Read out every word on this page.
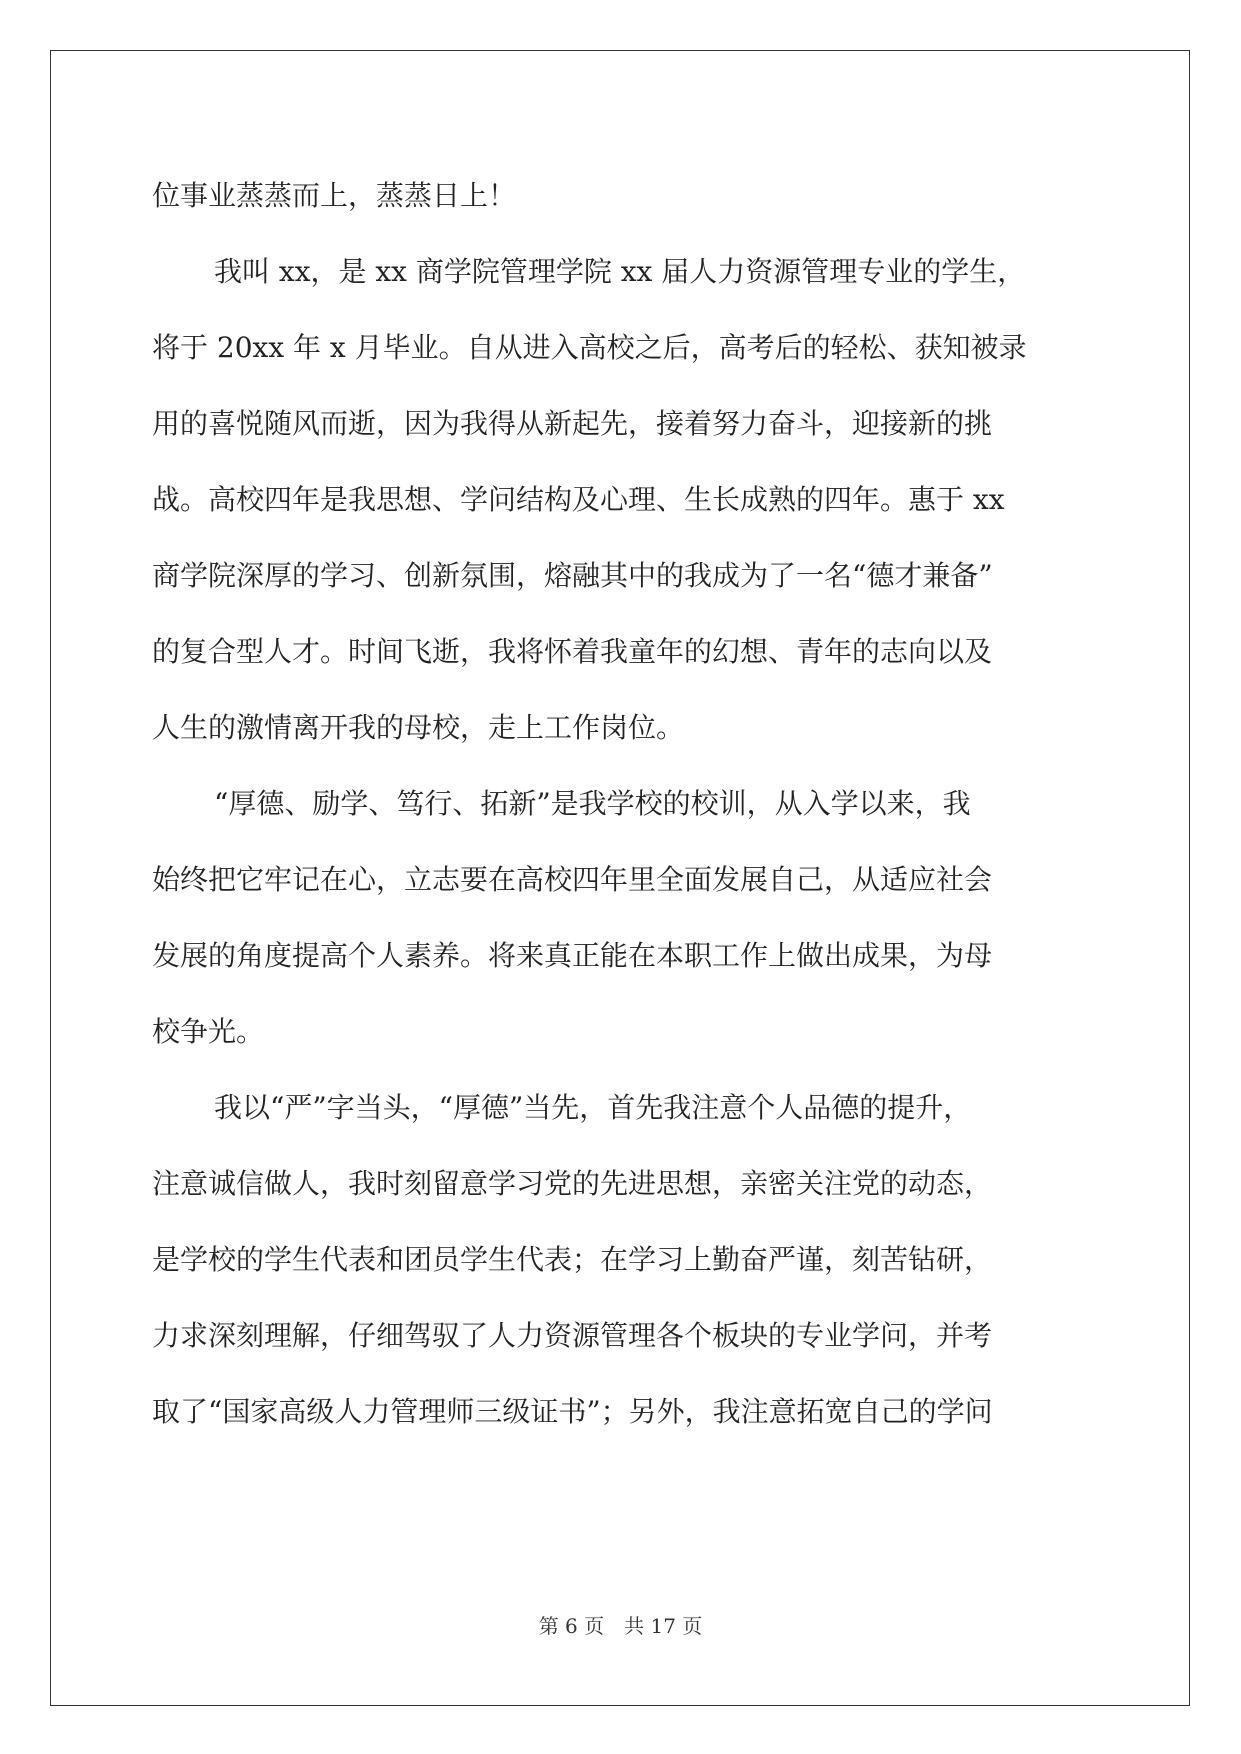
位事业蒸蒸而上，蒸蒸日上！

我叫 xx，是 xx 商学院管理学院 xx 届人力资源管理专业的学生，

将于 20xx 年 x 月毕业。自从进入高校之后，高考后的轻松、获知被录

用的喜悦随风而逝，因为我得从新起先，接着努力奋斗，迎接新的挑

战。高校四年是我思想、学问结构及心理、生长成熟的四年。惠于 xx

商学院深厚的学习、创新氛围，熔融其中的我成为了一名“德才兼备”

的复合型人才。时间飞逝，我将怀着我童年的幻想、青年的志向以及

人生的激情离开我的母校，走上工作岗位。

“厚德、励学、笃行、拓新”是我学校的校训，从入学以来，我

始终把它牢记在心，立志要在高校四年里全面发展自己，从适应社会

发展的角度提高个人素养。将来真正能在本职工作上做出成果，为母

校争光。

我以“严”字当头，“厚德”当先，首先我注意个人品德的提升，

注意诚信做人，我时刻留意学习党的先进思想，亲密关注党的动态，

是学校的学生代表和团员学生代表；在学习上勤奋严谨，刻苦钻研，

力求深刻理解，仔细驾驭了人力资源管理各个板块的专业学问，并考

取了“国家高级人力管理师三级证书”；另外，我注意拓宽自己的学问

第 6 页　共 17 页
